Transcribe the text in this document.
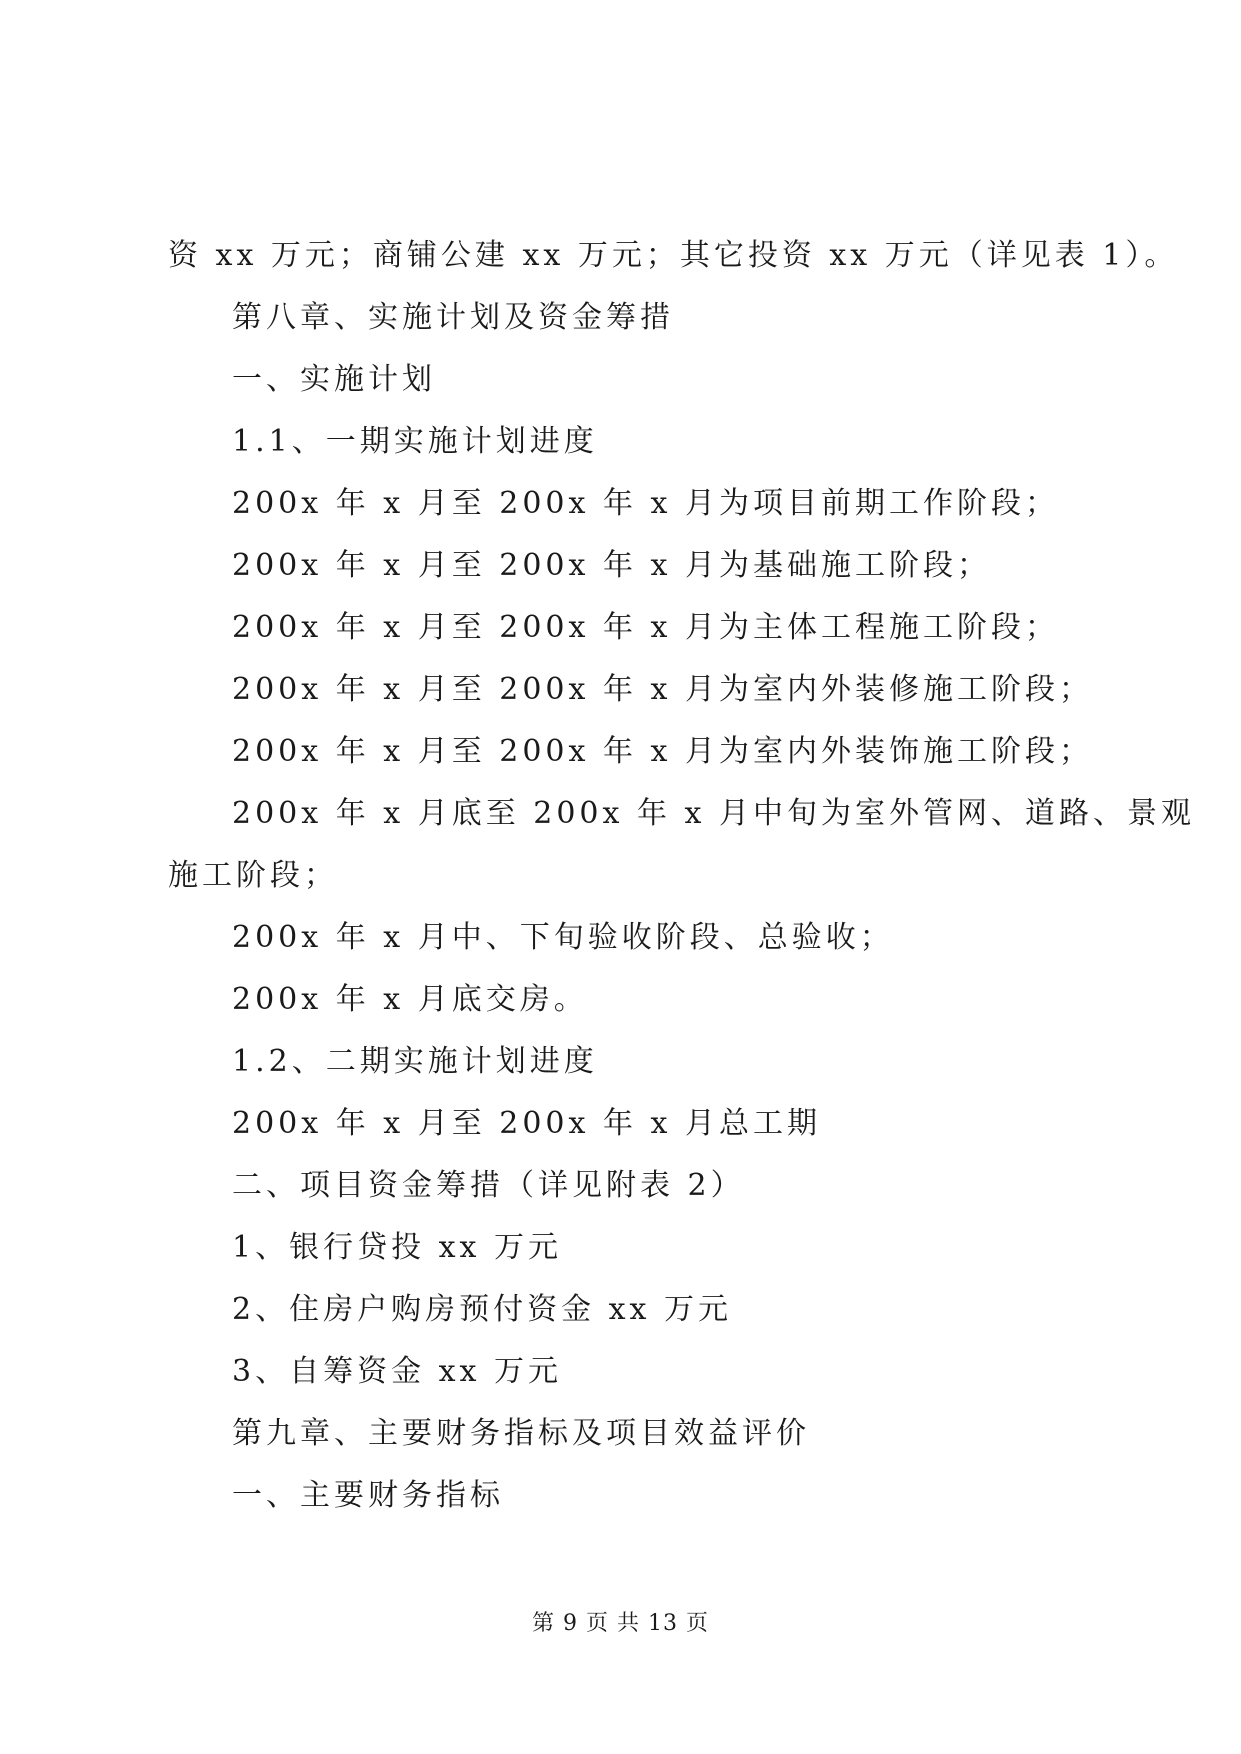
资 xx 万元；商铺公建 xx 万元；其它投资 xx 万元（详见表 1）。
第八章、实施计划及资金筹措
一、实施计划
1.1、一期实施计划进度
200x 年 x 月至 200x 年 x 月为项目前期工作阶段；
200x 年 x 月至 200x 年 x 月为基础施工阶段；
200x 年 x 月至 200x 年 x 月为主体工程施工阶段；
200x 年 x 月至 200x 年 x 月为室内外装修施工阶段；
200x 年 x 月至 200x 年 x 月为室内外装饰施工阶段；
200x 年 x 月底至 200x 年 x 月中旬为室外管网、道路、景观
施工阶段；
200x 年 x 月中、下旬验收阶段、总验收；
200x 年 x 月底交房。
1.2、二期实施计划进度
200x 年 x 月至 200x 年 x 月总工期
二、项目资金筹措（详见附表 2）
1、银行贷投 xx 万元
2、住房户购房预付资金 xx 万元
3、自筹资金 xx 万元
第九章、主要财务指标及项目效益评价
一、主要财务指标
第 9 页 共 13 页
